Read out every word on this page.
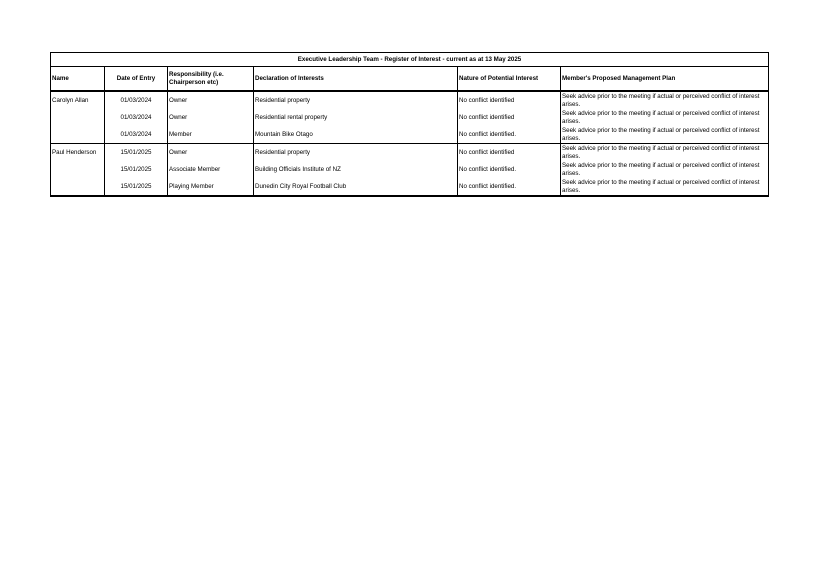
Executive Leadership Team - Register of Interest - current as at 13 May 2025					
Name	Date of Entry	Responsibility (i.e. Chairperson etc)	Declaration of Interests	Nature of Potential Interest	Member's Proposed Management Plan
Carolyn Allan	01/03/2024	Owner	Residential property	No conflict identified	Seek advice prior to the meeting if actual or perceived conflict of interest arises.
	01/03/2024	Owner	Residential rental property	No conflict identified	Seek advice prior to the meeting if actual or perceived conflict of interest arises.
	01/03/2024	Member	Mountain Bike Otago	No conflict identified.	Seek advice prior to the meeting if actual or perceived conflict of interest arises.
Paul Henderson	15/01/2025	Owner	Residential property	No conflict identified	Seek advice prior to the meeting if actual or perceived conflict of interest arises.
	15/01/2025	Associate Member	Building Officials Institute of NZ	No conflict identified.	Seek advice prior to the meeting if actual or perceived conflict of interest arises.
	15/01/2025	Playing Member	Dunedin City Royal Football Club	No conflict identified.	Seek advice prior to the meeting if actual or perceived conflict of interest arises.
